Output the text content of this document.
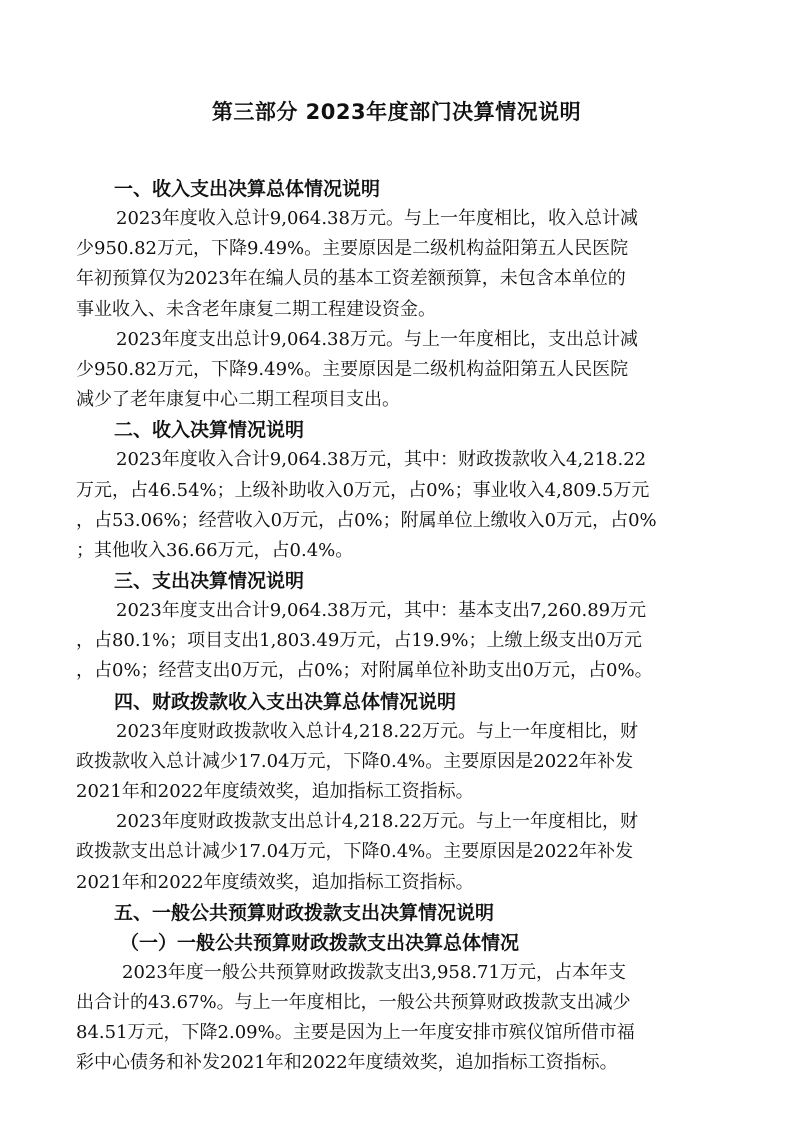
第三部分 2023年度部门决算情况说明
一、收入支出决算总体情况说明
2023年度收入总计9,064.38万元。与上一年度相比，收入总计减
少950.82万元，下降9.49%。主要原因是二级机构益阳第五人民医院
年初预算仅为2023年在编人员的基本工资差额预算，未包含本单位的
事业收入、未含老年康复二期工程建设资金。
2023年度支出总计9,064.38万元。与上一年度相比，支出总计减
少950.82万元，下降9.49%。主要原因是二级机构益阳第五人民医院
减少了老年康复中心二期工程项目支出。
二、收入决算情况说明
2023年度收入合计9,064.38万元，其中：财政拨款收入4,218.22
万元，占46.54%；上级补助收入0万元，占0%；事业收入4,809.5万元
，占53.06%；经营收入0万元，占0%；附属单位上缴收入0万元，占0%
；其他收入36.66万元，占0.4%。
三、支出决算情况说明
2023年度支出合计9,064.38万元，其中：基本支出7,260.89万元
，占80.1%；项目支出1,803.49万元，占19.9%；上缴上级支出0万元
，占0%；经营支出0万元，占0%；对附属单位补助支出0万元，占0%。
四、财政拨款收入支出决算总体情况说明
2023年度财政拨款收入总计4,218.22万元。与上一年度相比，财
政拨款收入总计减少17.04万元，下降0.4%。主要原因是2022年补发
2021年和2022年度绩效奖，追加指标工资指标。
2023年度财政拨款支出总计4,218.22万元。与上一年度相比，财
政拨款支出总计减少17.04万元，下降0.4%。主要原因是2022年补发
2021年和2022年度绩效奖，追加指标工资指标。
五、一般公共预算财政拨款支出决算情况说明
（一）一般公共预算财政拨款支出决算总体情况
2023年度一般公共预算财政拨款支出3,958.71万元，占本年支
出合计的43.67%。与上一年度相比，一般公共预算财政拨款支出减少
84.51万元，下降2.09%。主要是因为上一年度安排市殡仪馆所借市福
彩中心债务和补发2021年和2022年度绩效奖，追加指标工资指标。
